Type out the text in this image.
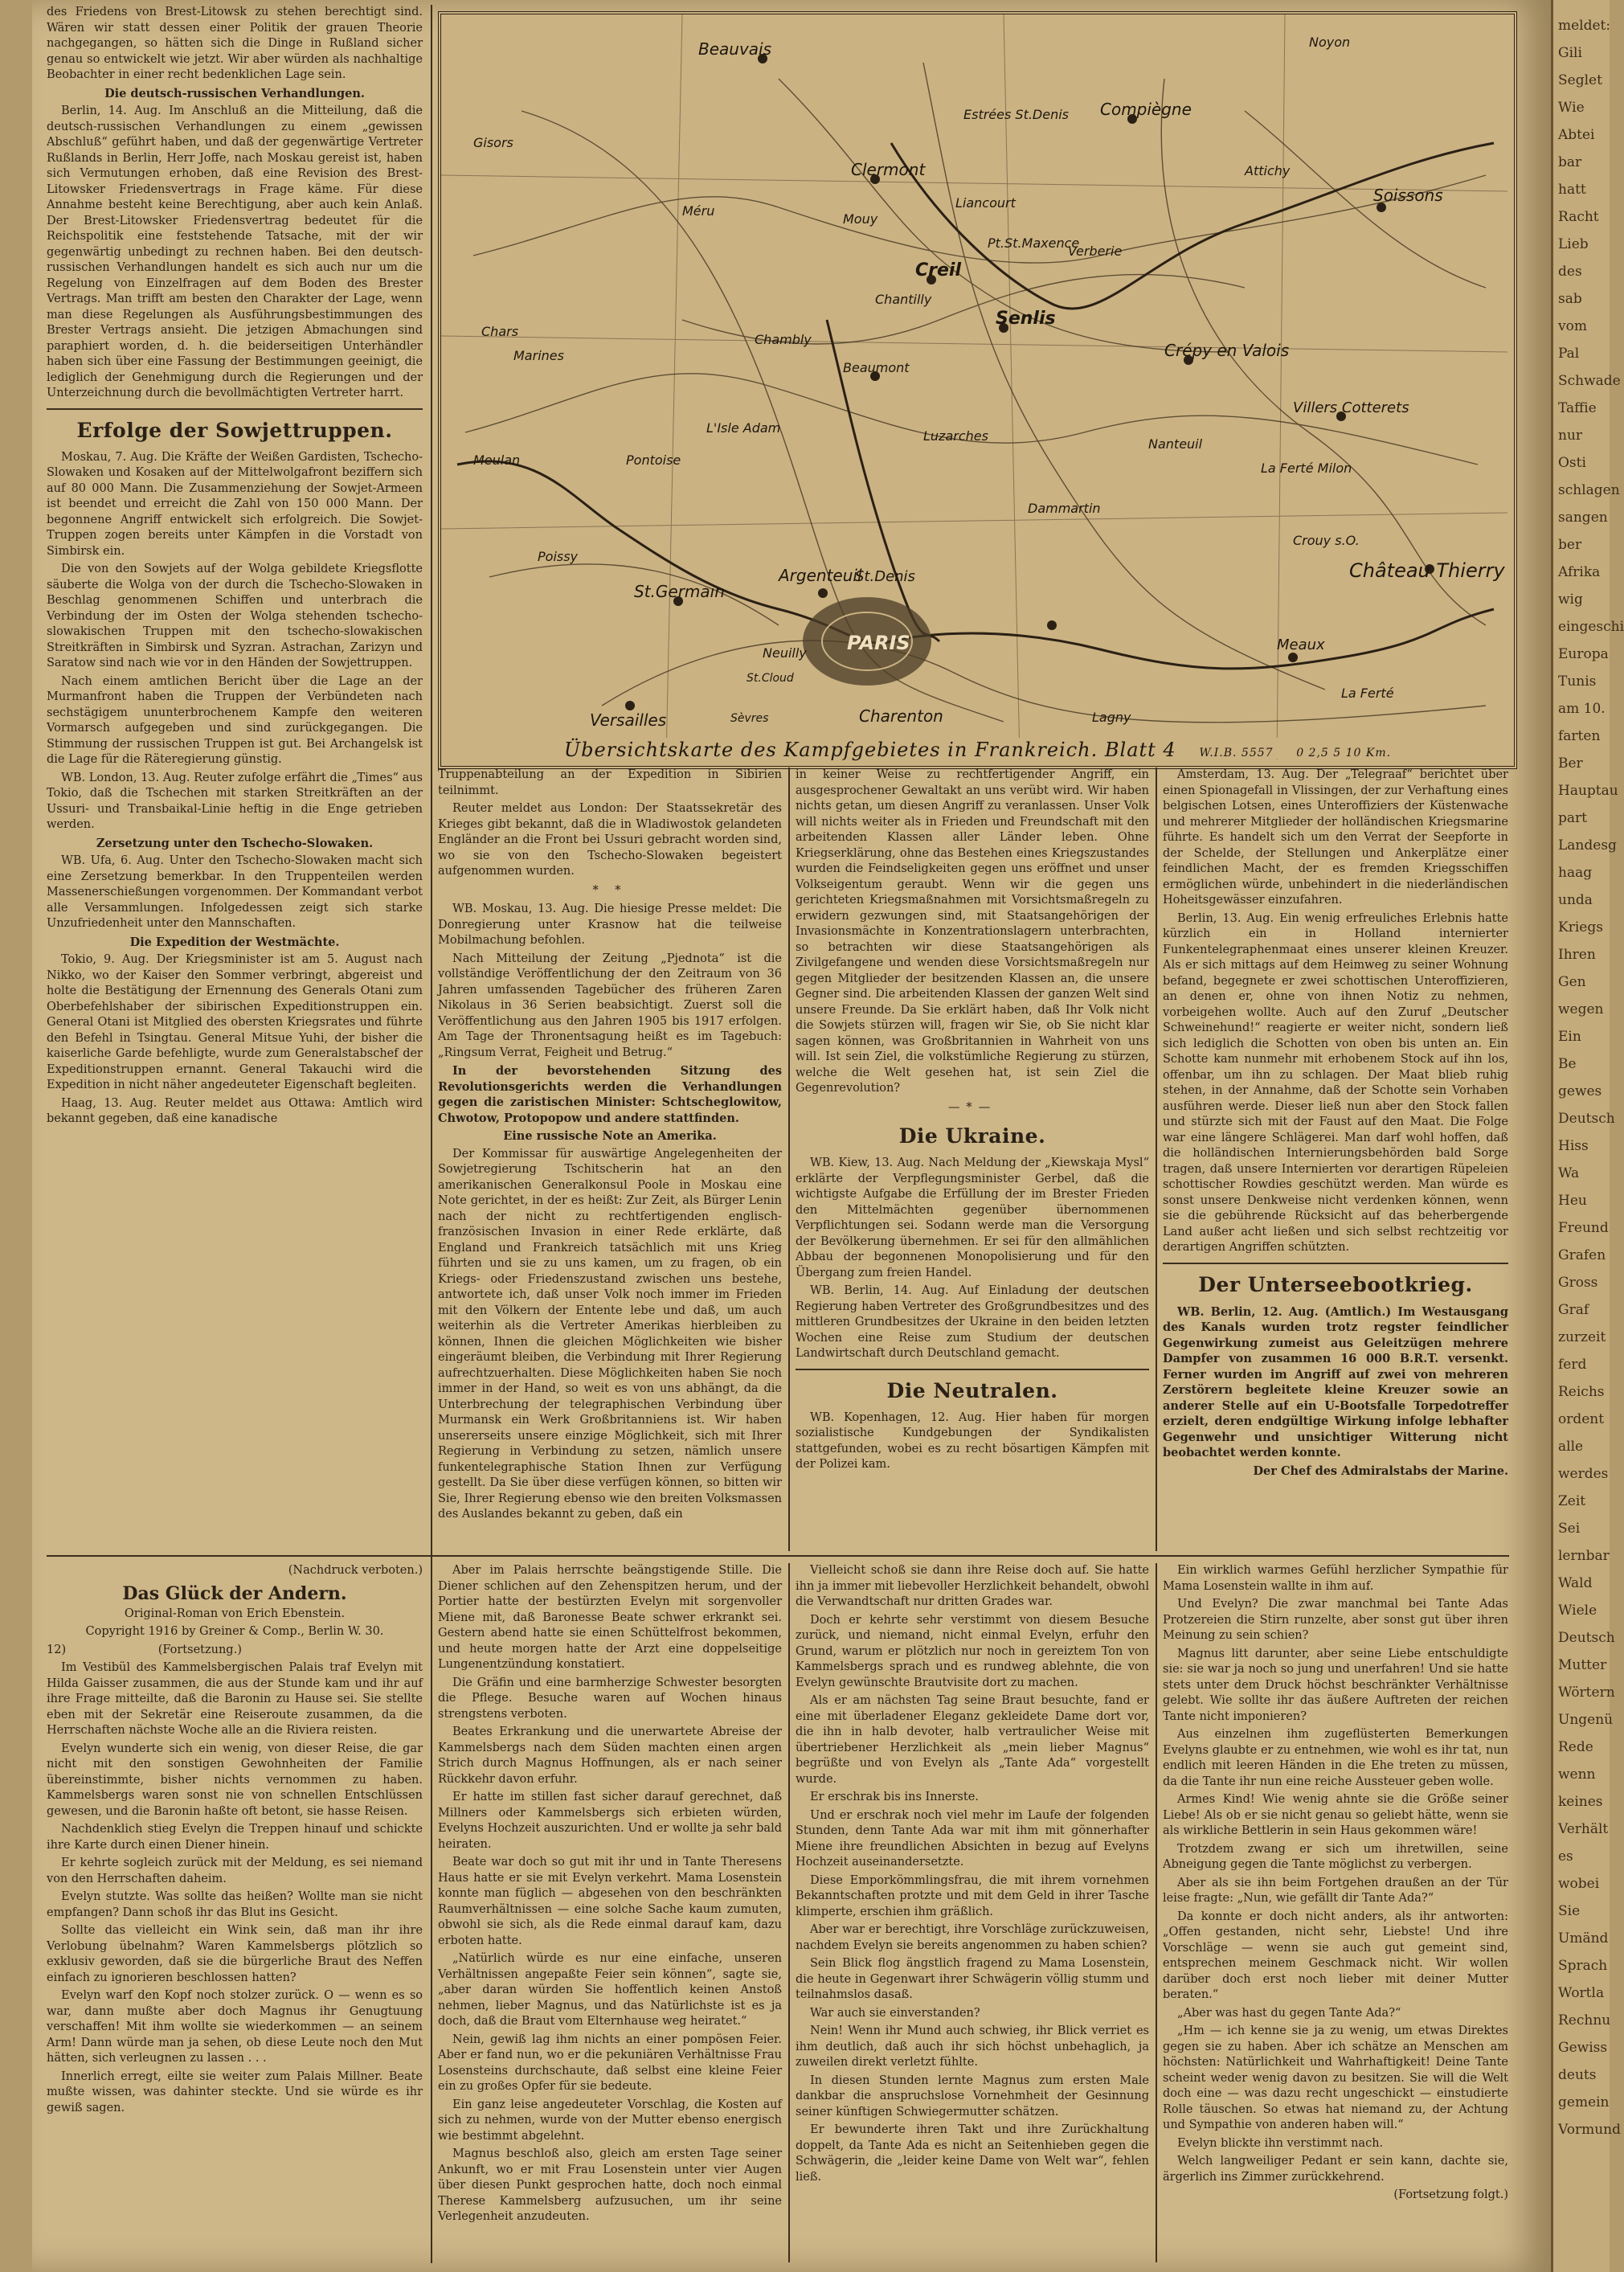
des Friedens von Brest-Litowsk zu stehen berechtigt sind. Wären wir statt dessen einer Politik der grauen Theorie nachgegangen, so hätten sich die Dinge in Rußland sicher genau so entwickelt wie jetzt. Wir aber würden als nachhaltige Beobachter in einer recht bedenklichen Lage sein.

Die deutsch-russischen Verhandlungen.

Berlin, 14. Aug. Im Anschluß an die Mitteilung, daß die deutsch-russischen Verhandlungen zu einem „gewissen Abschluß“ geführt haben, und daß der gegenwärtige Vertreter Rußlands in Berlin, Herr Joffe, nach Moskau gereist ist, haben sich Vermutungen erhoben, daß eine Revision des Brest-Litowsker Friedensvertrags in Frage käme. Für diese Annahme besteht keine Berechtigung, aber auch kein Anlaß. Der Brest-Litowsker Friedensvertrag bedeutet für die Reichspolitik eine feststehende Tatsache, mit der wir gegenwärtig unbedingt zu rechnen haben. Bei den deutsch-russischen Verhandlungen handelt es sich auch nur um die Regelung von Einzelfragen auf dem Boden des Brester Vertrags. Man trifft am besten den Charakter der Lage, wenn man diese Regelungen als Ausführungsbestimmungen des Brester Vertrags ansieht. Die jetzigen Abmachungen sind paraphiert worden, d. h. die beiderseitigen Unterhändler haben sich über eine Fassung der Bestimmungen geeinigt, die lediglich der Genehmigung durch die Regierungen und der Unterzeichnung durch die bevollmächtigten Vertreter harrt.

Erfolge der Sowjettruppen.

Moskau, 7. Aug. Die Kräfte der Weißen Gardisten, Tschecho-Slowaken und Kosaken auf der Mittelwolgafront beziffern sich auf 80 000 Mann. Die Zusammenziehung der Sowjet-Armeen ist beendet und erreicht die Zahl von 150 000 Mann. Der begonnene Angriff entwickelt sich erfolgreich. Die Sowjet-Truppen zogen bereits unter Kämpfen in die Vorstadt von Simbirsk ein.

Die von den Sowjets auf der Wolga gebildete Kriegsflotte säuberte die Wolga von der durch die Tschecho-Slowaken in Beschlag genommenen Schiffen und unterbrach die Verbindung der im Osten der Wolga stehenden tschecho-slowakischen Truppen mit den tschecho-slowakischen Streitkräften in Simbirsk und Syzran. Astrachan, Zarizyn und Saratow sind nach wie vor in den Händen der Sowjettruppen.

Nach einem amtlichen Bericht über die Lage an der Murmanfront haben die Truppen der Verbündeten nach sechstägigem ununterbrochenem Kampfe den weiteren Vormarsch aufgegeben und sind zurückgegangen. Die Stimmung der russischen Truppen ist gut. Bei Archangelsk ist die Lage für die Räteregierung günstig.

WB. London, 13. Aug. Reuter zufolge erfährt die „Times“ aus Tokio, daß die Tschechen mit starken Streitkräften an der Ussuri- und Transbaikal-Linie heftig in die Enge getrieben werden.

Zersetzung unter den Tschecho-Slowaken.

WB. Ufa, 6. Aug. Unter den Tschecho-Slowaken macht sich eine Zersetzung bemerkbar. In den Truppenteilen werden Massenerschießungen vorgenommen. Der Kommandant verbot alle Versammlungen. Infolgedessen zeigt sich starke Unzufriedenheit unter den Mannschaften.

Die Expedition der Westmächte.

Tokio, 9. Aug. Der Kriegsminister ist am 5. August nach Nikko, wo der Kaiser den Sommer verbringt, abgereist und holte die Bestätigung der Ernennung des Generals Otani zum Oberbefehlshaber der sibirischen Expeditionstruppen ein. General Otani ist Mitglied des obersten Kriegsrates und führte den Befehl in Tsingtau. General Mitsue Yuhi, der bisher die kaiserliche Garde befehligte, wurde zum Generalstabschef der Expeditionstruppen ernannt. General Takauchi wird die Expedition in nicht näher angedeuteter Eigenschaft begleiten.

Haag, 13. Aug. Reuter meldet aus Ottawa: Amtlich wird bekannt gegeben, daß eine kanadische

(Nachdruck verboten.)

Das Glück der Andern.

Original-Roman von Erich Ebenstein.

Copyright 1916 by Greiner & Comp., Berlin W. 30.

12)	(Fortsetzung.)

Im Vestibül des Kammelsbergischen Palais traf Evelyn mit Hilda Gaisser zusammen, die aus der Stunde kam und ihr auf ihre Frage mitteilte, daß die Baronin zu Hause sei. Sie stellte eben mit der Sekretär eine Reiseroute zusammen, da die Herrschaften nächste Woche alle an die Riviera reisten.

Evelyn wunderte sich ein wenig, von dieser Reise, die gar nicht mit den sonstigen Gewohnheiten der Familie übereinstimmte, bisher nichts vernommen zu haben. Kammelsbergs waren sonst nie von schnellen Entschlüssen gewesen, und die Baronin haßte oft betont, sie hasse Reisen.

Nachdenklich stieg Evelyn die Treppen hinauf und schickte ihre Karte durch einen Diener hinein.

Er kehrte sogleich zurück mit der Meldung, es sei niemand von den Herrschaften daheim.

Evelyn stutzte. Was sollte das heißen? Wollte man sie nicht empfangen? Dann schoß ihr das Blut ins Gesicht.

Sollte das vielleicht ein Wink sein, daß man ihr ihre Verlobung übelnahm? Waren Kammelsbergs plötzlich so exklusiv geworden, daß sie die bürgerliche Braut des Neffen einfach zu ignorieren beschlossen hatten?

Evelyn warf den Kopf noch stolzer zurück. O — wenn es so war, dann mußte aber doch Magnus ihr Genugtuung verschaffen! Mit ihm wollte sie wiederkommen — an seinem Arm! Dann würde man ja sehen, ob diese Leute noch den Mut hätten, sich verleugnen zu lassen . . .

Innerlich erregt, eilte sie weiter zum Palais Millner. Beate mußte wissen, was dahinter steckte. Und sie würde es ihr gewiß sagen.

Beauvais
Clermont
Compiègne
Soissons
Noyon
Creil
Senlis
Chantilly
Crépy en Valois
Villers Cotterets
Pontoise
L'Isle Adam
Beaumont
Luzarches
Dammartin
Meaux
St.Germain
Versailles
PARIS
St.Denis
Argenteuil
Charenton
Château Thierry
Lagny
La Ferté
Nanteuil
Gisors
Méru
Chambly
Mouy
Liancourt
Pt.St.Maxence
Verberie
Estrées St.Denis
Attichy
Neuilly
St.Cloud
Sèvres
Poissy
Meulan
Marines
Chars
La Ferté Milon
Crouy s.O.
Übersichtskarte des Kampfgebietes in Frankreich. Blatt 4 W.I.B. 5557 0 2,5 5 10 Km.

Truppenabteilung an der Expedition in Sibirien teilnimmt.

Reuter meldet aus London: Der Staatssekretär des Krieges gibt bekannt, daß die in Wladiwostok gelandeten Engländer an die Front bei Ussuri gebracht worden sind, wo sie von den Tschecho-Slowaken begeistert aufgenommen wurden.

* *

WB. Moskau, 13. Aug. Die hiesige Presse meldet: Die Donregierung unter Krasnow hat die teilweise Mobilmachung befohlen.

Nach Mitteilung der Zeitung „Pjednota“ ist die vollständige Veröffentlichung der den Zeitraum von 36 Jahren umfassenden Tagebücher des früheren Zaren Nikolaus in 36 Serien beabsichtigt. Zuerst soll die Veröffentlichung aus den Jahren 1905 bis 1917 erfolgen. Am Tage der Thronentsagung heißt es im Tagebuch: „Ringsum Verrat, Feigheit und Betrug.“

In der bevorstehenden Sitzung des Revolutionsgerichts werden die Verhandlungen gegen die zaristischen Minister: Schtscheglowitow, Chwotow, Protopopow und andere stattfinden.

Eine russische Note an Amerika.

Der Kommissar für auswärtige Angelegenheiten der Sowjetregierung Tschitscherin hat an den amerikanischen Generalkonsul Poole in Moskau eine Note gerichtet, in der es heißt: Zur Zeit, als Bürger Lenin nach der nicht zu rechtfertigenden englisch-französischen Invasion in einer Rede erklärte, daß England und Frankreich tatsächlich mit uns Krieg führten und sie zu uns kamen, um zu fragen, ob ein Kriegs- oder Friedenszustand zwischen uns bestehe, antwortete ich, daß unser Volk noch immer im Frieden mit den Völkern der Entente lebe und daß, um auch weiterhin als die Vertreter Amerikas hierbleiben zu können, Ihnen die gleichen Möglichkeiten wie bisher eingeräumt bleiben, die Verbindung mit Ihrer Regierung aufrechtzuerhalten. Diese Möglichkeiten haben Sie noch immer in der Hand, so weit es von uns abhängt, da die Unterbrechung der telegraphischen Verbindung über Murmansk ein Werk Großbritanniens ist. Wir haben unsererseits unsere einzige Möglichkeit, sich mit Ihrer Regierung in Verbindung zu setzen, nämlich unsere funkentelegraphische Station Ihnen zur Verfügung gestellt. Da Sie über diese verfügen können, so bitten wir Sie, Ihrer Regierung ebenso wie den breiten Volksmassen des Auslandes bekannt zu geben, daß ein

in keiner Weise zu rechtfertigender Angriff, ein ausgesprochener Gewaltakt an uns verübt wird. Wir haben nichts getan, um diesen Angriff zu veranlassen. Unser Volk will nichts weiter als in Frieden und Freundschaft mit den arbeitenden Klassen aller Länder leben. Ohne Kriegserklärung, ohne das Bestehen eines Kriegszustandes wurden die Feindseligkeiten gegen uns eröffnet und unser Volkseigentum geraubt. Wenn wir die gegen uns gerichteten Kriegsmaßnahmen mit Vorsichtsmaßregeln zu erwidern gezwungen sind, mit Staatsangehörigen der Invasionsmächte in Konzentrationslagern unterbrachten, so betrachten wir diese Staatsangehörigen als Zivilgefangene und wenden diese Vorsichtsmaßregeln nur gegen Mitglieder der besitzenden Klassen an, die unsere Gegner sind. Die arbeitenden Klassen der ganzen Welt sind unsere Freunde. Da Sie erklärt haben, daß Ihr Volk nicht die Sowjets stürzen will, fragen wir Sie, ob Sie nicht klar sagen können, was Großbritannien in Wahrheit von uns will. Ist sein Ziel, die volkstümliche Regierung zu stürzen, welche die Welt gesehen hat, ist sein Ziel die Gegenrevolution?

—*—
Die Ukraine.

WB. Kiew, 13. Aug. Nach Meldung der „Kiewskaja Mysl“ erklärte der Verpflegungsminister Gerbel, daß die wichtigste Aufgabe die Erfüllung der im Brester Frieden den Mittelmächten gegenüber übernommenen Verpflichtungen sei. Sodann werde man die Versorgung der Bevölkerung übernehmen. Er sei für den allmählichen Abbau der begonnenen Monopolisierung und für den Übergang zum freien Handel.

WB. Berlin, 14. Aug. Auf Einladung der deutschen Regierung haben Vertreter des Großgrundbesitzes und des mittleren Grundbesitzes der Ukraine in den beiden letzten Wochen eine Reise zum Studium der deutschen Landwirtschaft durch Deutschland gemacht.

Die Neutralen.

WB. Kopenhagen, 12. Aug. Hier haben für morgen sozialistische Kundgebungen der Syndikalisten stattgefunden, wobei es zu recht bösartigen Kämpfen mit der Polizei kam.

Amsterdam, 13. Aug. Der „Telegraaf“ berichtet über einen Spionagefall in Vlissingen, der zur Verhaftung eines belgischen Lotsen, eines Unteroffiziers der Küstenwache und mehrerer Mitglieder der holländischen Kriegsmarine führte. Es handelt sich um den Verrat der Seepforte in der Schelde, der Stellungen und Ankerplätze einer feindlichen Macht, der es fremden Kriegsschiffen ermöglichen würde, unbehindert in die niederländischen Hoheitsgewässer einzufahren.

Berlin, 13. Aug. Ein wenig erfreuliches Erlebnis hatte kürzlich ein in Holland internierter Funkentelegraphenmaat eines unserer kleinen Kreuzer. Als er sich mittags auf dem Heimweg zu seiner Wohnung befand, begegnete er zwei schottischen Unteroffizieren, an denen er, ohne von ihnen Notiz zu nehmen, vorbeigehen wollte. Auch auf den Zuruf „Deutscher Schweinehund!“ reagierte er weiter nicht, sondern ließ sich lediglich die Schotten von oben bis unten an. Ein Schotte kam nunmehr mit erhobenem Stock auf ihn los, offenbar, um ihn zu schlagen. Der Maat blieb ruhig stehen, in der Annahme, daß der Schotte sein Vorhaben ausführen werde. Dieser ließ nun aber den Stock fallen und stürzte sich mit der Faust auf den Maat. Die Folge war eine längere Schlägerei. Man darf wohl hoffen, daß die holländischen Internierungsbehörden bald Sorge tragen, daß unsere Internierten vor derartigen Rüpeleien schottischer Rowdies geschützt werden. Man würde es sonst unsere Denkweise nicht verdenken können, wenn sie die gebührende Rücksicht auf das beherbergende Land außer acht ließen und sich selbst rechtzeitig vor derartigen Angriffen schützten.

Der Unterseebootkrieg.

WB. Berlin, 12. Aug. (Amtlich.) Im Westausgang des Kanals wurden trotz regster feindlicher Gegenwirkung zumeist aus Geleitzügen mehrere Dampfer von zusammen 16 000 B.R.T. versenkt. Ferner wurden im Angriff auf zwei von mehreren Zerstörern begleitete kleine Kreuzer sowie an anderer Stelle auf ein U-Bootsfalle Torpedotreffer erzielt, deren endgültige Wirkung infolge lebhafter Gegenwehr und unsichtiger Witterung nicht beobachtet werden konnte.

Der Chef des Admiralstabs der Marine.

Aber im Palais herrschte beängstigende Stille. Die Diener schlichen auf den Zehenspitzen herum, und der Portier hatte der bestürzten Evelyn mit sorgenvoller Miene mit, daß Baronesse Beate schwer erkrankt sei. Gestern abend hatte sie einen Schüttelfrost bekommen, und heute morgen hatte der Arzt eine doppelseitige Lungenentzündung konstatiert.

Die Gräfin und eine barmherzige Schwester besorgten die Pflege. Besuche waren auf Wochen hinaus strengstens verboten.

Beates Erkrankung und die unerwartete Abreise der Kammelsbergs nach dem Süden machten einen argen Strich durch Magnus Hoffnungen, als er nach seiner Rückkehr davon erfuhr.

Er hatte im stillen fast sicher darauf gerechnet, daß Millners oder Kammelsbergs sich erbieten würden, Evelyns Hochzeit auszurichten. Und er wollte ja sehr bald heiraten.

Beate war doch so gut mit ihr und in Tante Theresens Haus hatte er sie mit Evelyn verkehrt. Mama Losenstein konnte man füglich — abgesehen von den beschränkten Raumverhältnissen — eine solche Sache kaum zumuten, obwohl sie sich, als die Rede einmal darauf kam, dazu erboten hatte.

„Natürlich würde es nur eine einfache, unseren Verhältnissen angepaßte Feier sein können“, sagte sie, „aber daran würden Sie hoffentlich keinen Anstoß nehmen, lieber Magnus, und das Natürlichste ist es ja doch, daß die Braut vom Elternhause weg heiratet.“

Nein, gewiß lag ihm nichts an einer pompösen Feier. Aber er fand nun, wo er die pekuniären Verhältnisse Frau Losensteins durchschaute, daß selbst eine kleine Feier ein zu großes Opfer für sie bedeute.

Ein ganz leise angedeuteter Vorschlag, die Kosten auf sich zu nehmen, wurde von der Mutter ebenso energisch wie bestimmt abgelehnt.

Magnus beschloß also, gleich am ersten Tage seiner Ankunft, wo er mit Frau Losenstein unter vier Augen über diesen Punkt gesprochen hatte, doch noch einmal Therese Kammelsberg aufzusuchen, um ihr seine Verlegenheit anzudeuten.

Vielleicht schoß sie dann ihre Reise doch auf. Sie hatte ihn ja immer mit liebevoller Herzlichkeit behandelt, obwohl die Verwandtschaft nur dritten Grades war.

Doch er kehrte sehr verstimmt von diesem Besuche zurück, und niemand, nicht einmal Evelyn, erfuhr den Grund, warum er plötzlich nur noch in gereiztem Ton von Kammelsbergs sprach und es rundweg ablehnte, die von Evelyn gewünschte Brautvisite dort zu machen.

Als er am nächsten Tag seine Braut besuchte, fand er eine mit überladener Eleganz gekleidete Dame dort vor, die ihn in halb devoter, halb vertraulicher Weise mit übertriebener Herzlichkeit als „mein lieber Magnus“ begrüßte und von Evelyn als „Tante Ada“ vorgestellt wurde.

Er erschrak bis ins Innerste.

Und er erschrak noch viel mehr im Laufe der folgenden Stunden, denn Tante Ada war mit ihm mit gönnerhafter Miene ihre freundlichen Absichten in bezug auf Evelyns Hochzeit auseinandersetzte.

Diese Emporkömmlingsfrau, die mit ihrem vornehmen Bekanntschaften protzte und mit dem Geld in ihrer Tasche klimperte, erschien ihm gräßlich.

Aber war er berechtigt, ihre Vorschläge zurückzuweisen, nachdem Evelyn sie bereits angenommen zu haben schien?

Sein Blick flog ängstlich fragend zu Mama Losenstein, die heute in Gegenwart ihrer Schwägerin völlig stumm und teilnahmslos dasaß.

War auch sie einverstanden?

Nein! Wenn ihr Mund auch schwieg, ihr Blick verriet es ihm deutlich, daß auch ihr sich höchst unbehaglich, ja zuweilen direkt verletzt fühlte.

In diesen Stunden lernte Magnus zum ersten Male dankbar die anspruchslose Vornehmheit der Gesinnung seiner künftigen Schwiegermutter schätzen.

Er bewunderte ihren Takt und ihre Zurückhaltung doppelt, da Tante Ada es nicht an Seitenhieben gegen die Schwägerin, die „leider keine Dame von Welt war“, fehlen ließ.

Ein wirklich warmes Gefühl herzlicher Sympathie für Mama Losenstein wallte in ihm auf.

Und Evelyn? Die zwar manchmal bei Tante Adas Protzereien die Stirn runzelte, aber sonst gut über ihren Meinung zu sein schien?

Magnus litt darunter, aber seine Liebe entschuldigte sie: sie war ja noch so jung und unerfahren! Und sie hatte stets unter dem Druck höchst beschränkter Verhältnisse gelebt. Wie sollte ihr das äußere Auftreten der reichen Tante nicht imponieren?

Aus einzelnen ihm zugeflüsterten Bemerkungen Evelyns glaubte er zu entnehmen, wie wohl es ihr tat, nun endlich mit leeren Händen in die Ehe treten zu müssen, da die Tante ihr nun eine reiche Aussteuer geben wolle.

Armes Kind! Wie wenig ahnte sie die Größe seiner Liebe! Als ob er sie nicht genau so geliebt hätte, wenn sie als wirkliche Bettlerin in sein Haus gekommen wäre!

Trotzdem zwang er sich um ihretwillen, seine Abneigung gegen die Tante möglichst zu verbergen.

Aber als sie ihn beim Fortgehen draußen an der Tür leise fragte: „Nun, wie gefällt dir Tante Ada?“

Da konnte er doch nicht anders, als ihr antworten: „Offen gestanden, nicht sehr, Liebste! Und ihre Vorschläge — wenn sie auch gut gemeint sind, entsprechen meinem Geschmack nicht. Wir wollen darüber doch erst noch lieber mit deiner Mutter beraten.“

„Aber was hast du gegen Tante Ada?“

„Hm — ich kenne sie ja zu wenig, um etwas Direktes gegen sie zu haben. Aber ich schätze an Menschen am höchsten: Natürlichkeit und Wahrhaftigkeit! Deine Tante scheint weder wenig davon zu besitzen. Sie will die Welt doch eine — was dazu recht ungeschickt — einstudierte Rolle täuschen. So etwas hat niemand zu, der Achtung und Sympathie von anderen haben will.“

Evelyn blickte ihn verstimmt nach.

Welch langweiliger Pedant er sein kann, dachte sie, ärgerlich ins Zimmer zurückkehrend.

(Fortsetzung folgt.)

meldet:
Gili
Seglet
Wie
Abtei
bar
hatt
Racht
Lieb
des
sab
vom
Pal
Schwade
Taffie
nur
Osti
schlagen
sangen
ber
Afrika
wig
eingeschi
Europa
Tunis
am 10.
farten
Ber
Hauptau
part
Landesg
haag
unda
Kriegs
Ihren
Gen
wegen
Ein
Be
gewes
Deutsch
Hiss
Wa
Heu
Freund
Grafen
Gross
Graf
zurzeit
ferd
Reichs
ordent
alle
werdes
Zeit
Sei
lernbar
Wald
Wiele
Deutsch
Mutter
Wörtern
Ungenü
Rede
wenn
keines
Verhält
es
wobei
Sie
Umänd
Sprach
Wortla
Rechnu
Gewiss
deuts
gemein
Vormund
